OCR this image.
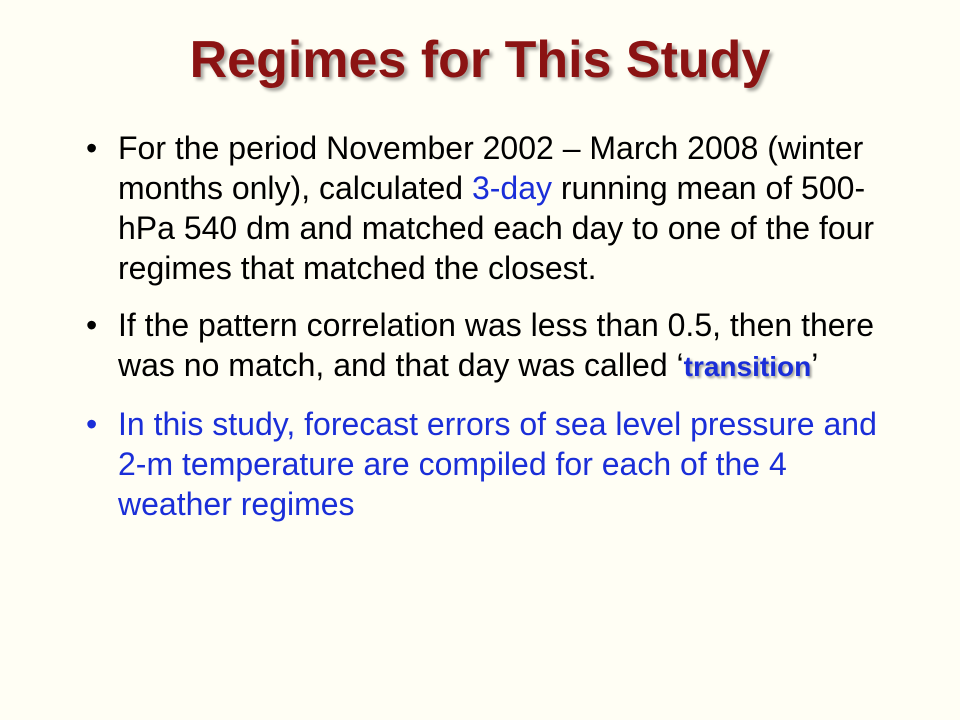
Regimes for This Study
• For the period November 2002 – March 2008 (winter months only), calculated 3-day running mean of 500-hPa 540 dm and matched each day to one of the four regimes that matched the closest.
• If the pattern correlation was less than 0.5, then there was no match, and that day was called ‘transition’
• In this study, forecast errors of sea level pressure and 2-m temperature are compiled for each of the 4 weather regimes
